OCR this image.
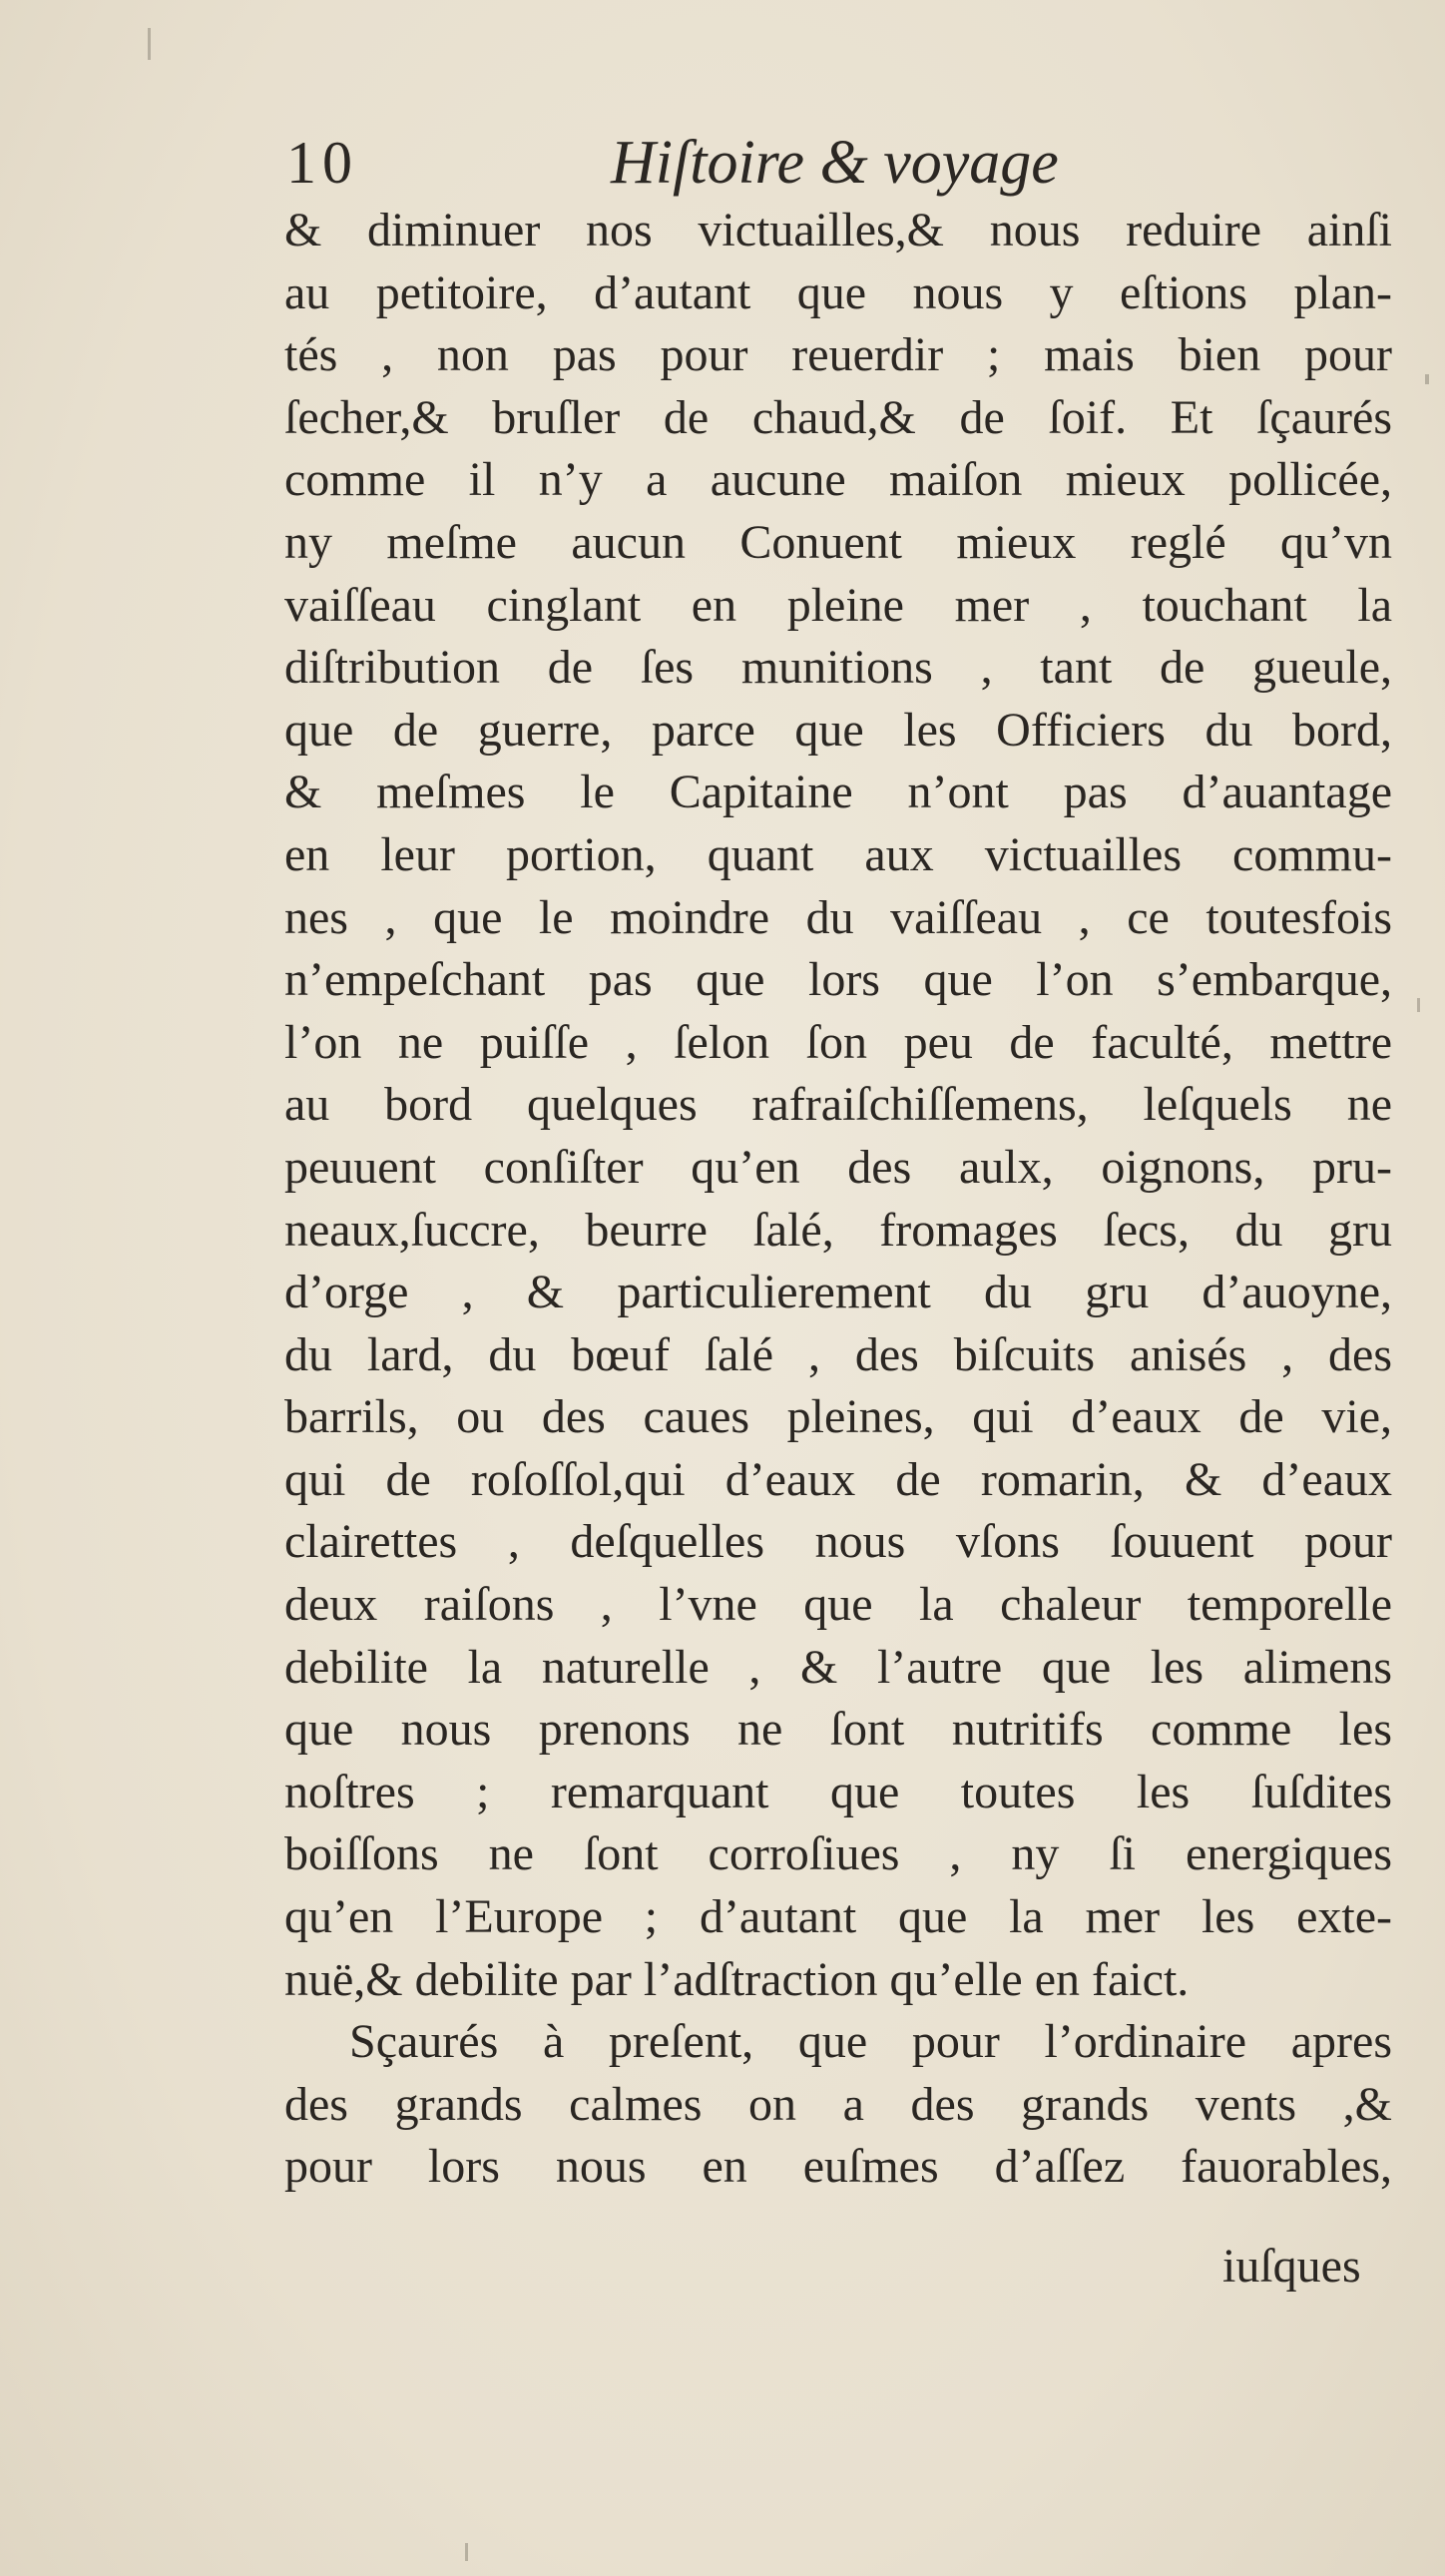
10	Hiſtoire & voyage
& diminuer nos victuailles,& nous reduire ainſi
au petitoire, d’autant que nous y eſtions plan-
tés , non pas pour reuerdir ; mais bien pour
ſecher,& bruſler de chaud,& de ſoif. Et ſçaurés
comme il n’y a aucune maiſon mieux pollicée,
ny meſme aucun Conuent mieux reglé qu’vn
vaiſſeau cinglant en pleine mer , touchant la
diſtribution de ſes munitions , tant de gueule,
que de guerre, parce que les Officiers du bord,
& meſmes le Capitaine n’ont pas d’auantage
en leur portion, quant aux victuailles commu-
nes , que le moindre du vaiſſeau , ce toutesfois
n’empeſchant pas que lors que l’on s’embarque,
l’on ne puiſſe , ſelon ſon peu de faculté, mettre
au bord quelques rafraiſchiſſemens, leſquels ne
peuuent conſiſter qu’en des aulx, oignons, pru-
neaux,ſuccre, beurre ſalé, fromages ſecs, du gru
d’orge , & particulierement du gru d’auoyne,
du lard, du bœuf ſalé , des biſcuits anisés , des
barrils, ou des caues pleines, qui d’eaux de vie,
qui de roſoſſol,qui d’eaux de romarin, & d’eaux
clairettes , deſquelles nous vſons ſouuent pour
deux raiſons , l’vne que la chaleur temporelle
debilite la naturelle , & l’autre que les alimens
que nous prenons ne ſont nutritifs comme les
noſtres ; remarquant que toutes les ſuſdites
boiſſons ne ſont corroſiues , ny ſi energiques
qu’en l’Europe ; d’autant que la mer les exte-
nuë,& debilite par l’adſtraction qu’elle en faict.
Sçaurés à preſent, que pour l’ordinaire apres
des grands calmes on a des grands vents ,&
pour lors nous en euſmes d’aſſez fauorables,
iuſques
